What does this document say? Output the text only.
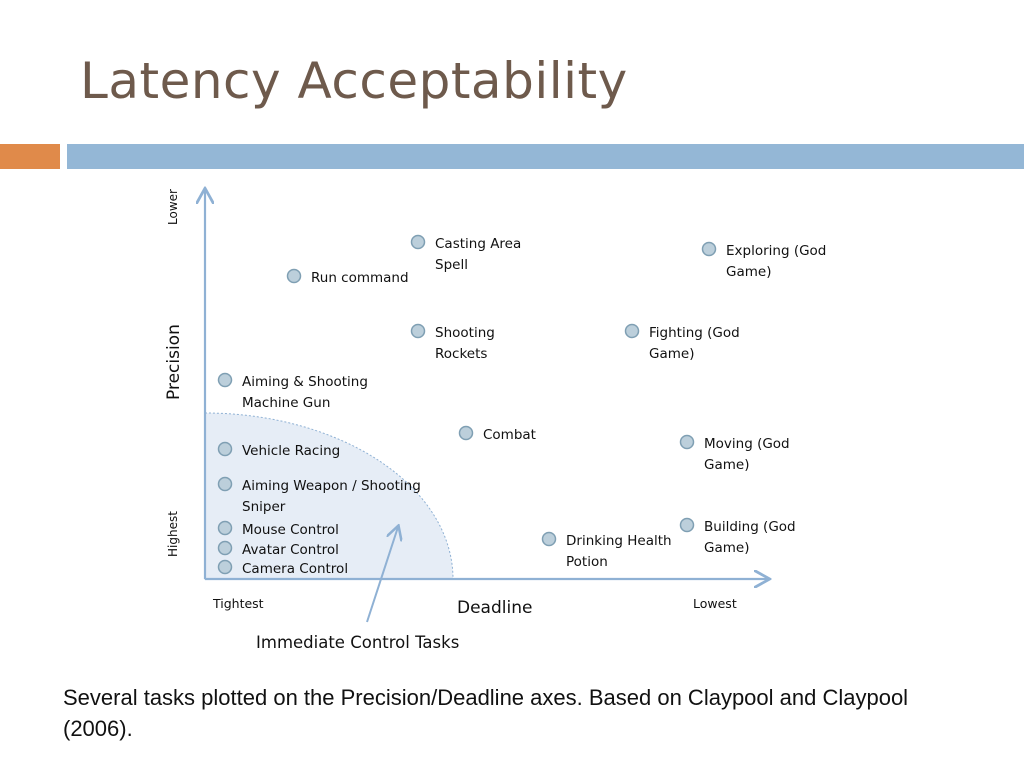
Latency Acceptability
Lower
Precision
Highest
Tightest	Deadline	Lowest
Immediate Control Tasks
Casting Area Spell
Exploring (God Game)
Run command
Shooting Rockets
Fighting (God Game)
Aiming & Shooting Machine Gun
Combat
Moving (God Game)
Vehicle Racing
Aiming Weapon / Shooting Sniper
Building (God Game)
Drinking Health Potion
Mouse Control
Avatar Control
Camera Control
Several tasks plotted on the Precision/Deadline axes. Based on Claypool and Claypool (2006).
